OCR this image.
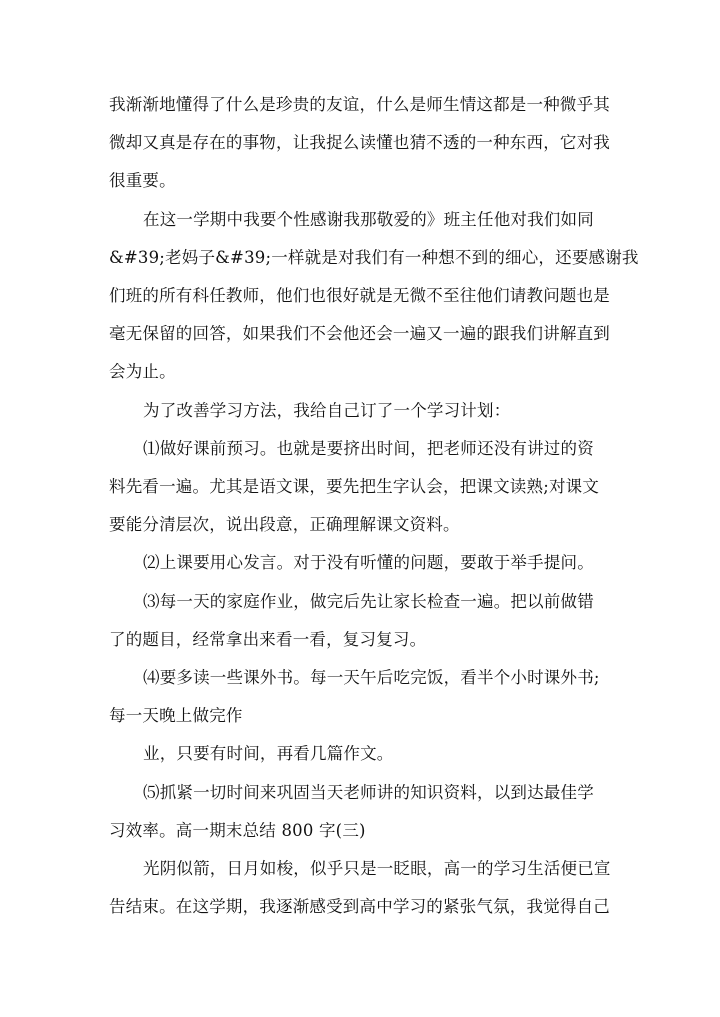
我渐渐地懂得了什么是珍贵的友谊，什么是师生情这都是一种微乎其
微却又真是存在的事物，让我捉么读懂也猜不透的一种东西，它对我
很重要。
在这一学期中我要个性感谢我那敬爱的》班主任他对我们如同
&#39;老妈子&#39;一样就是对我们有一种想不到的细心，还要感谢我
们班的所有科任教师，他们也很好就是无微不至往他们请教问题也是
毫无保留的回答，如果我们不会他还会一遍又一遍的跟我们讲解直到
会为止。
为了改善学习方法，我给自己订了一个学习计划：
⑴做好课前预习。也就是要挤出时间，把老师还没有讲过的资
料先看一遍。尤其是语文课，要先把生字认会，把课文读熟;对课文
要能分清层次，说出段意，正确理解课文资料。
⑵上课要用心发言。对于没有听懂的问题，要敢于举手提问。
⑶每一天的家庭作业，做完后先让家长检查一遍。把以前做错
了的题目，经常拿出来看一看，复习复习。
⑷要多读一些课外书。每一天午后吃完饭，看半个小时课外书;
每一天晚上做完作
业，只要有时间，再看几篇作文。
⑸抓紧一切时间来巩固当天老师讲的知识资料，以到达最佳学
习效率。高一期末总结 800 字(三)
光阴似箭，日月如梭，似乎只是一眨眼，高一的学习生活便已宣
告结束。在这学期，我逐渐感受到高中学习的紧张气氛，我觉得自己
